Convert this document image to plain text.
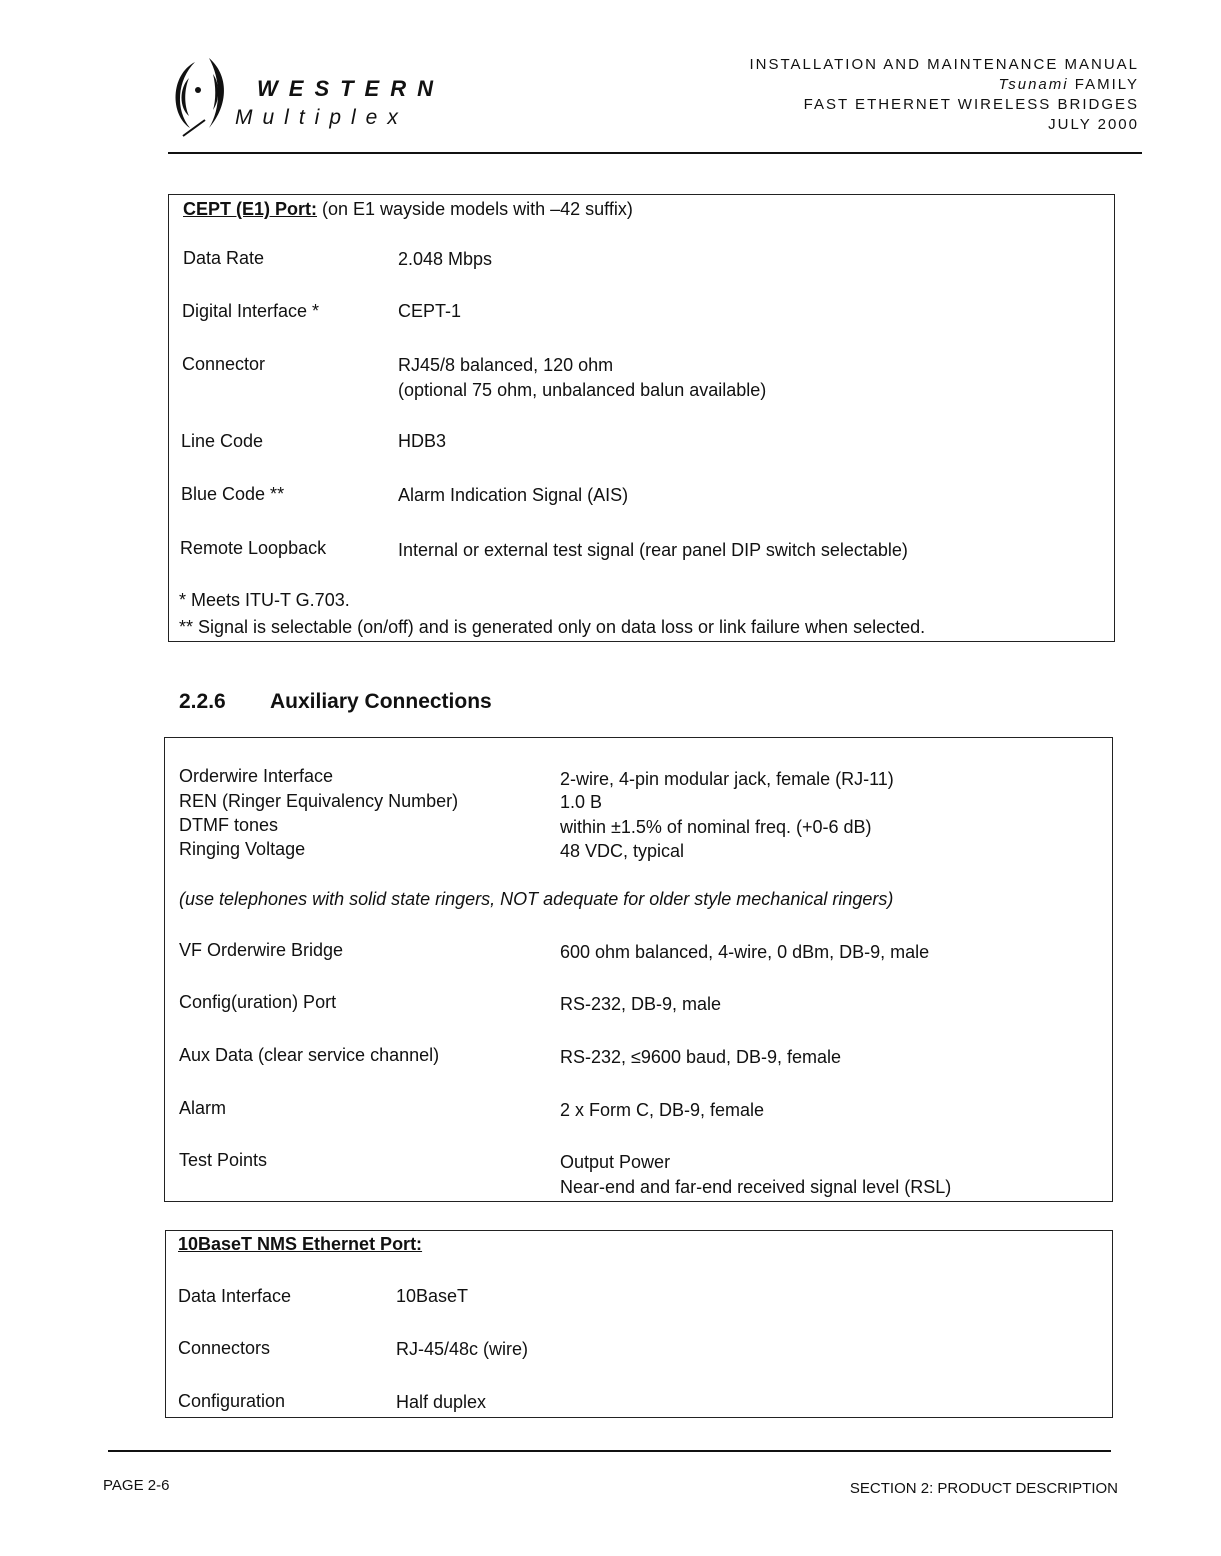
WESTERN
Multiplex
INSTALLATION AND MAINTENANCE MANUAL
Tsunami FAMILY
FAST ETHERNET WIRELESS BRIDGES
JULY 2000
CEPT (E1) Port: (on E1 wayside models with –42 suffix)
Data Rate	2.048 Mbps
Digital Interface *	CEPT-1
Connector	RJ45/8 balanced, 120 ohm
(optional 75 ohm, unbalanced balun available)
Line Code	HDB3
Blue Code **	Alarm Indication Signal (AIS)
Remote Loopback	Internal or external test signal (rear panel DIP switch selectable)
* Meets ITU-T G.703.
** Signal is selectable (on/off) and is generated only on data loss or link failure when selected.
2.2.6 Auxiliary Connections
Orderwire Interface	2-wire, 4-pin modular jack, female (RJ-11)
REN (Ringer Equivalency Number)	1.0 B
DTMF tones	within ±1.5% of nominal freq. (+0-6 dB)
Ringing Voltage	48 VDC, typical
(use telephones with solid state ringers, NOT adequate for older style mechanical ringers)
VF Orderwire Bridge	600 ohm balanced, 4-wire, 0 dBm, DB-9, male
Config(uration) Port	RS-232, DB-9, male
Aux Data (clear service channel)	RS-232, ≤9600 baud, DB-9, female
Alarm	2 x Form C, DB-9, female
Test Points	Output Power
Near-end and far-end received signal level (RSL)
10BaseT NMS Ethernet Port:
Data Interface	10BaseT
Connectors	RJ-45/48c (wire)
Configuration	Half duplex
PAGE 2-6	SECTION 2: PRODUCT DESCRIPTION
